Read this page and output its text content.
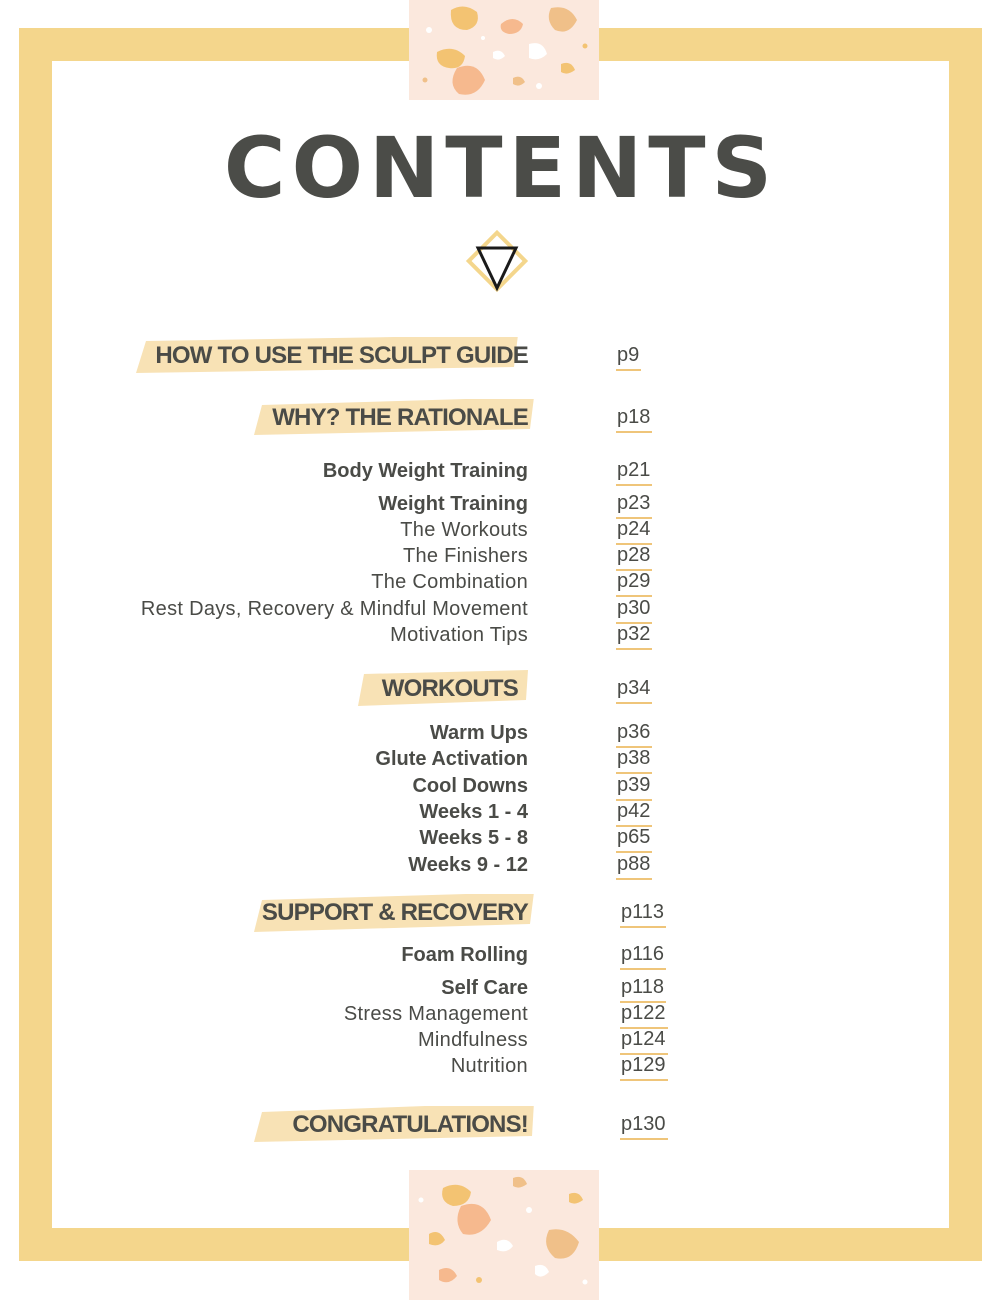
CONTENTS
HOW TO USE THE SCULPT GUIDE	p9
WHY? THE RATIONALE	p18
Body Weight Training	p21
Weight Training	p23
The Workouts	p24
The Finishers	p28
The Combination	p29
Rest Days, Recovery & Mindful Movement	p30
Motivation Tips	p32
WORKOUTS	p34
Warm Ups	p36
Glute Activation	p38
Cool Downs	p39
Weeks 1 - 4	p42
Weeks 5 - 8	p65
Weeks 9 - 12	p88
SUPPORT & RECOVERY	p113
Foam Rolling	p116
Self Care	p118
Stress Management	p122
Mindfulness	p124
Nutrition	p129
CONGRATULATIONS!	p130
